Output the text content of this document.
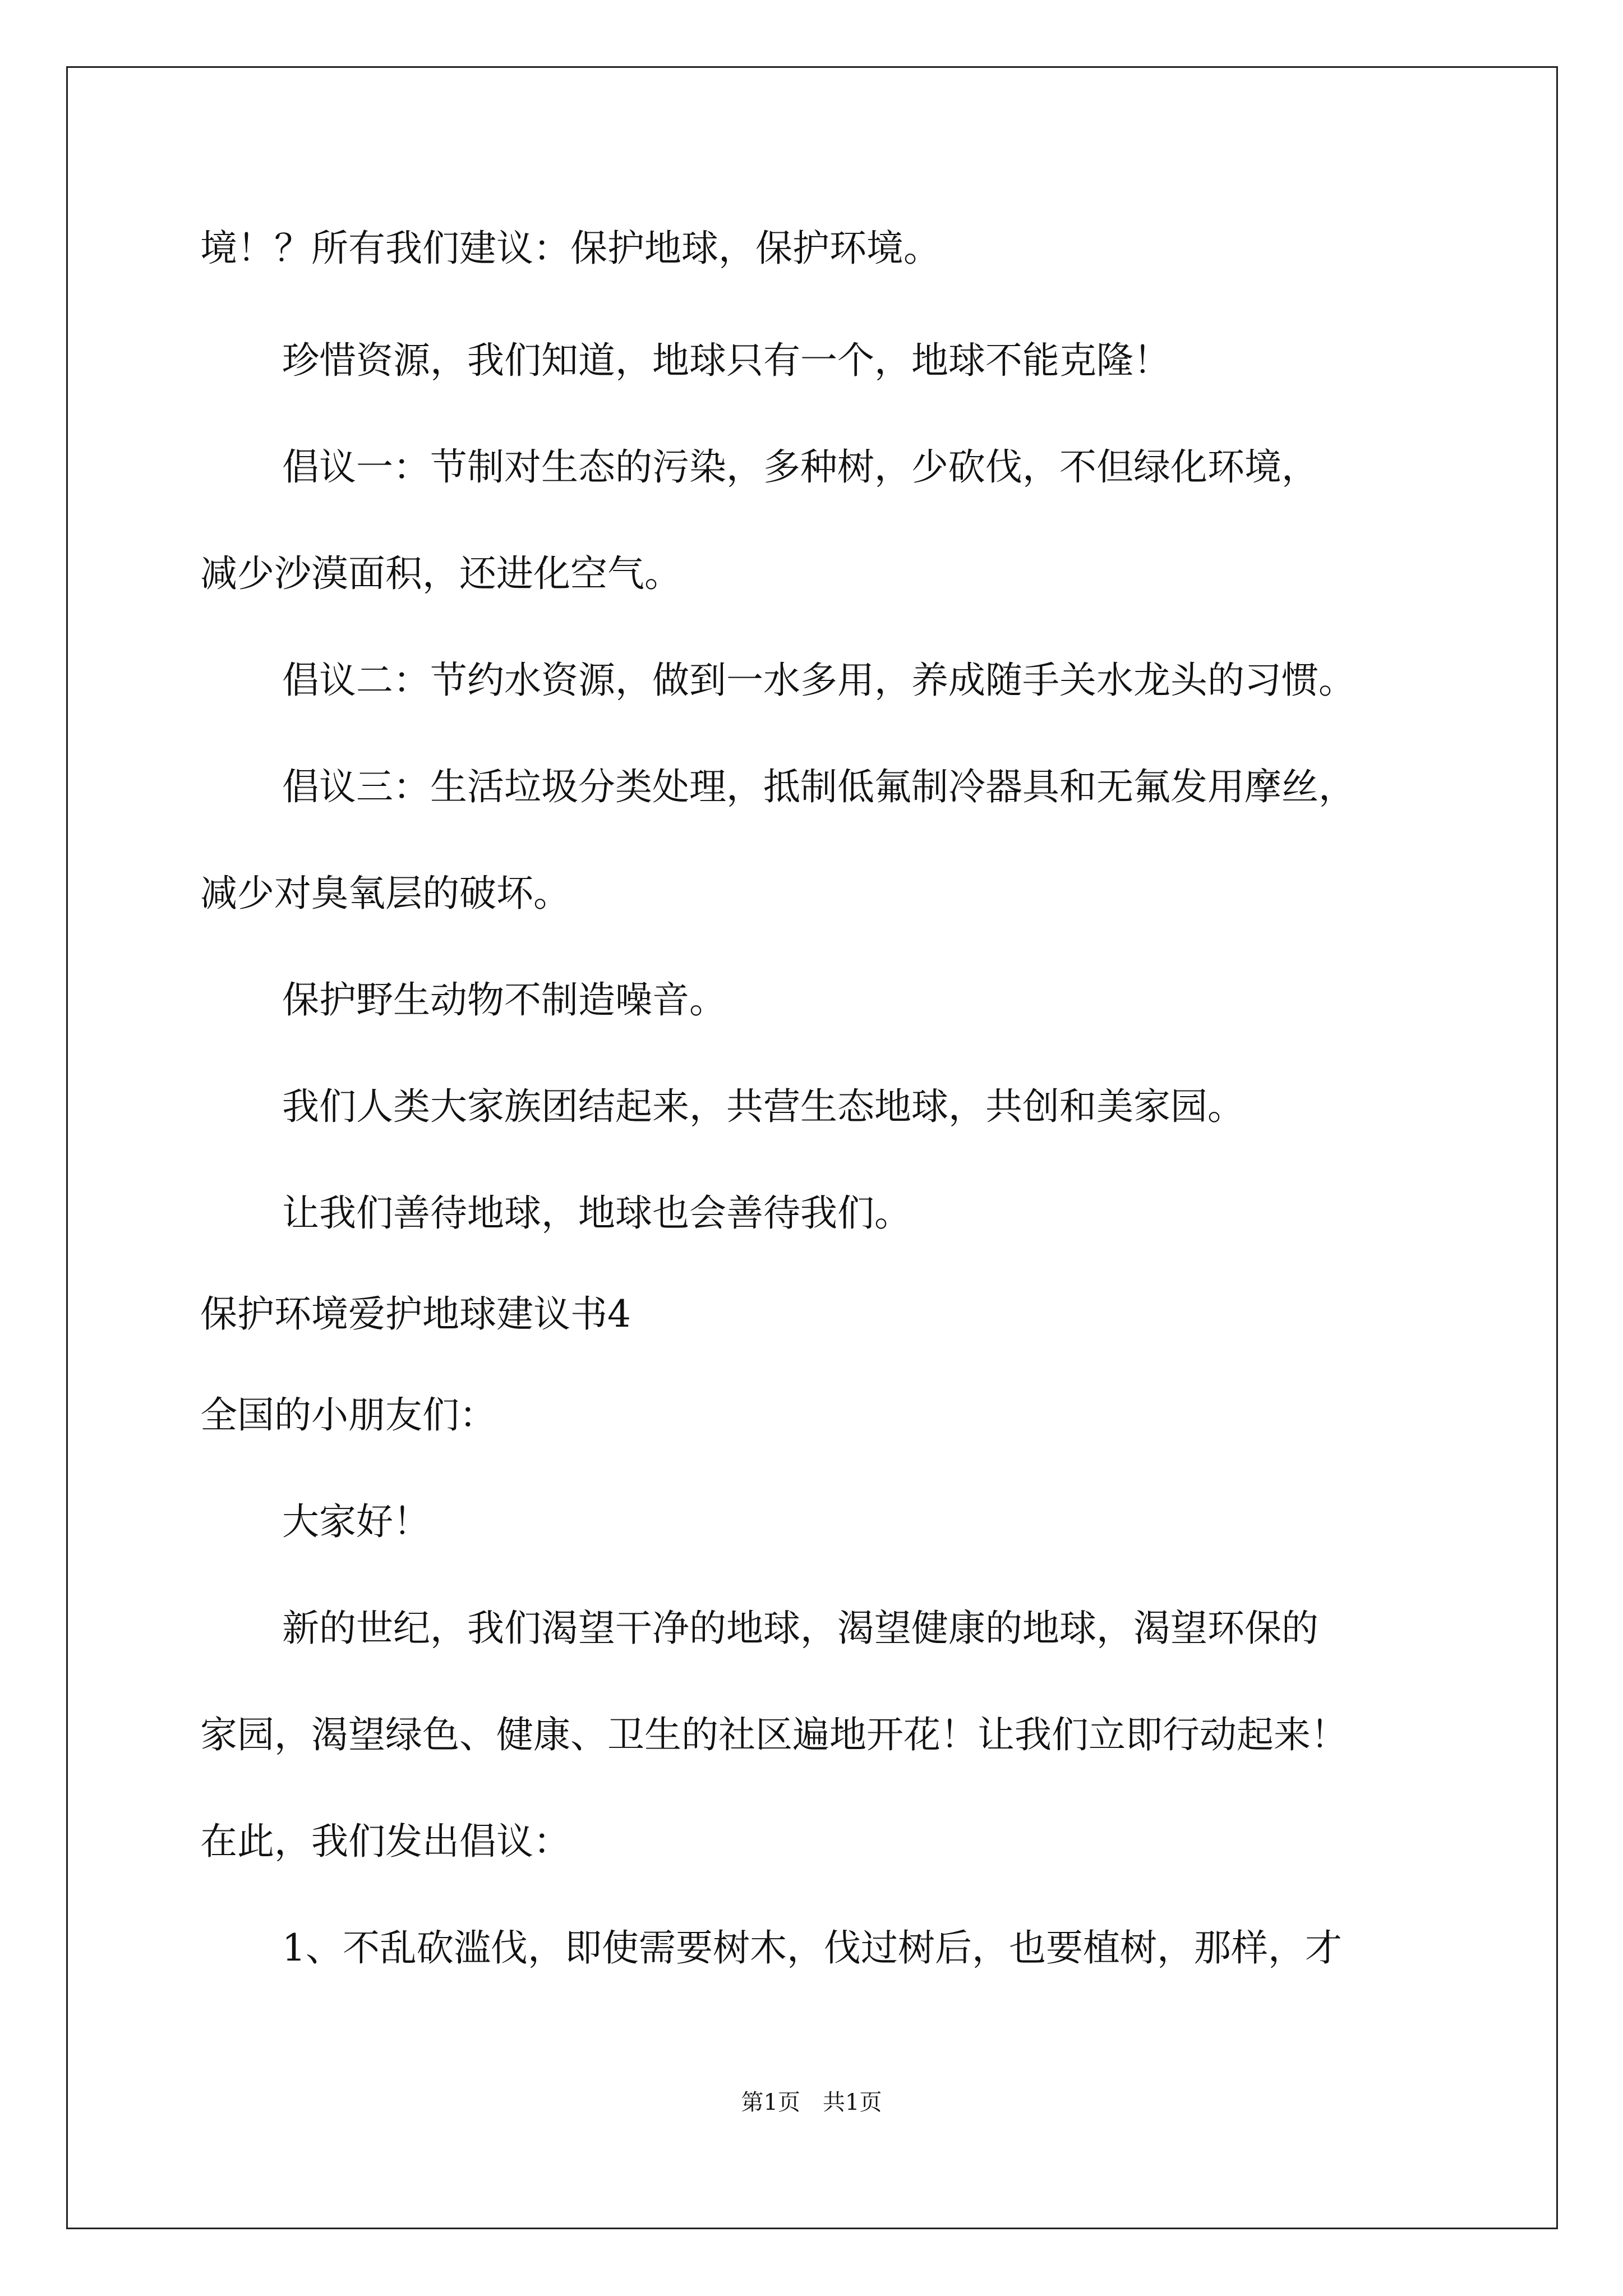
境！？所有我们建议：保护地球，保护环境。
珍惜资源，我们知道，地球只有一个，地球不能克隆！
倡议一：节制对生态的污染，多种树，少砍伐，不但绿化环境，
减少沙漠面积，还进化空气。
倡议二：节约水资源，做到一水多用，养成随手关水龙头的习惯。
倡议三：生活垃圾分类处理，抵制低氟制冷器具和无氟发用摩丝，
减少对臭氧层的破坏。
保护野生动物不制造噪音。
我们人类大家族团结起来，共营生态地球，共创和美家园。
让我们善待地球，地球也会善待我们。
保护环境爱护地球建议书4
全国的小朋友们：
大家好！
新的世纪，我们渴望干净的地球，渴望健康的地球，渴望环保的
家园，渴望绿色、健康、卫生的社区遍地开花！让我们立即行动起来！
在此，我们发出倡议：
1、不乱砍滥伐，即使需要树木，伐过树后，也要植树，那样，才
第1页　共1页
